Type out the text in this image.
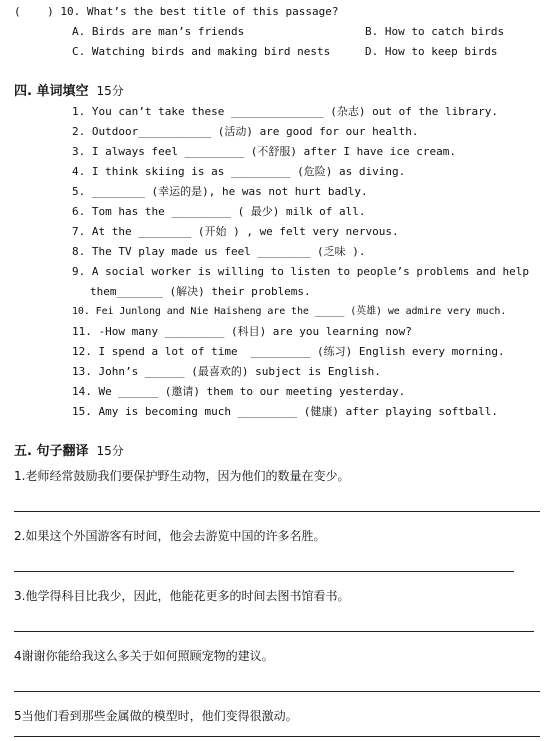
(    ) 10. What’s the best title of this passage?
A. Birds are man’s friends	B. How to catch birds
C. Watching birds and making bird nests	D. How to keep birds
四. 单词填空 15分
1. You can’t take these ______________ (杂志) out of the library.
2. Outdoor___________ (活动) are good for our health.
3. I always feel _________ (不舒服) after I have ice cream.
4. I think skiing is as _________ (危险) as diving.
5. ________ (幸运的是), he was not hurt badly.
6. Tom has the _________ ( 最少) milk of all.
7. At the ________ (开始 ) , we felt very nervous.
8. The TV play made us feel ________ (乏味 ).
9. A social worker is willing to listen to people’s problems and help
them_______ (解决) their problems.
10. Fei Junlong and Nie Haisheng are the _____ (英雄) we admire very much.
11. -How many _________ (科目) are you learning now?
12. I spend a lot of time  _________ (练习) English every morning.
13. John’s ______ (最喜欢的) subject is English.
14. We ______ (邀请) them to our meeting yesterday.
15. Amy is becoming much _________ (健康) after playing softball.
五. 句子翻译 15分
1.老师经常鼓励我们要保护野生动物，因为他们的数量在变少。
2.如果这个外国游客有时间，他会去游览中国的许多名胜。
3.他学得科目比我少，因此，他能花更多的时间去图书馆看书。
4谢谢你能给我这么多关于如何照顾宠物的建议。
5当他们看到那些金属做的模型时，他们变得很激动。
